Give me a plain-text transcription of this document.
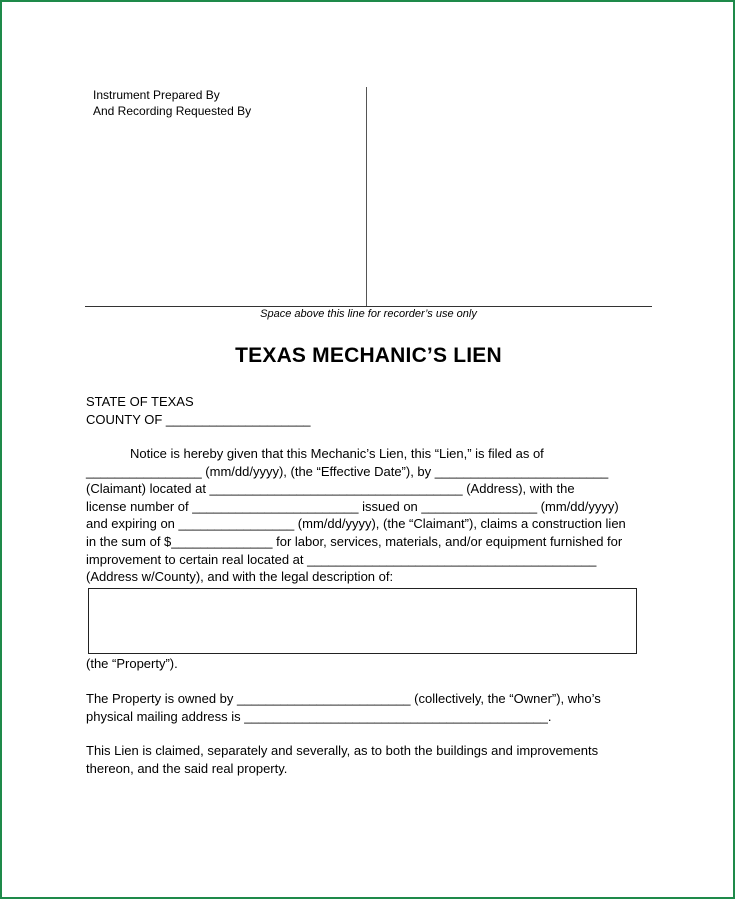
Instrument Prepared By
And Recording Requested By
Space above this line for recorder’s use only
TEXAS MECHANIC’S LIEN
STATE OF TEXAS
COUNTY OF ____________________
Notice is hereby given that this Mechanic’s Lien, this “Lien,” is filed as of
________________ (mm/dd/yyyy), (the “Effective Date”), by ________________________
(Claimant) located at ___________________________________ (Address), with the
license number of _______________________ issued on ________________ (mm/dd/yyyy)
and expiring on ________________ (mm/dd/yyyy), (the “Claimant”), claims a construction lien
in the sum of $______________ for labor, services, materials, and/or equipment furnished for
improvement to certain real located at ________________________________________
(Address w/County), and with the legal description of:
(the “Property”).
The Property is owned by ________________________ (collectively, the “Owner”), who’s
physical mailing address is __________________________________________.
This Lien is claimed, separately and severally, as to both the buildings and improvements
thereon, and the said real property.
